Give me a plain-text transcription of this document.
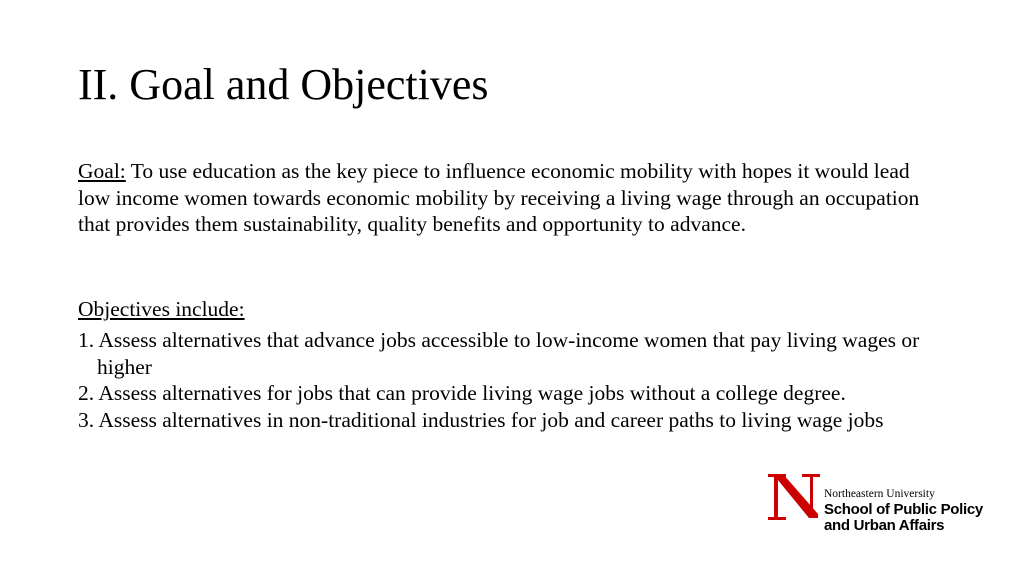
II. Goal and Objectives
Goal: To use education as the key piece to influence economic mobility with hopes it would lead low income women towards economic mobility by receiving a living wage through an occupation that provides them sustainability, quality benefits and opportunity to advance.
Objectives include:
1. Assess alternatives that advance jobs accessible to low-income women that pay living wages or higher
2. Assess alternatives for jobs that can provide living wage jobs without a college degree.
3. Assess alternatives in non-traditional industries for job and career paths to living wage jobs
Northeastern University
School of Public Policy
and Urban Affairs
